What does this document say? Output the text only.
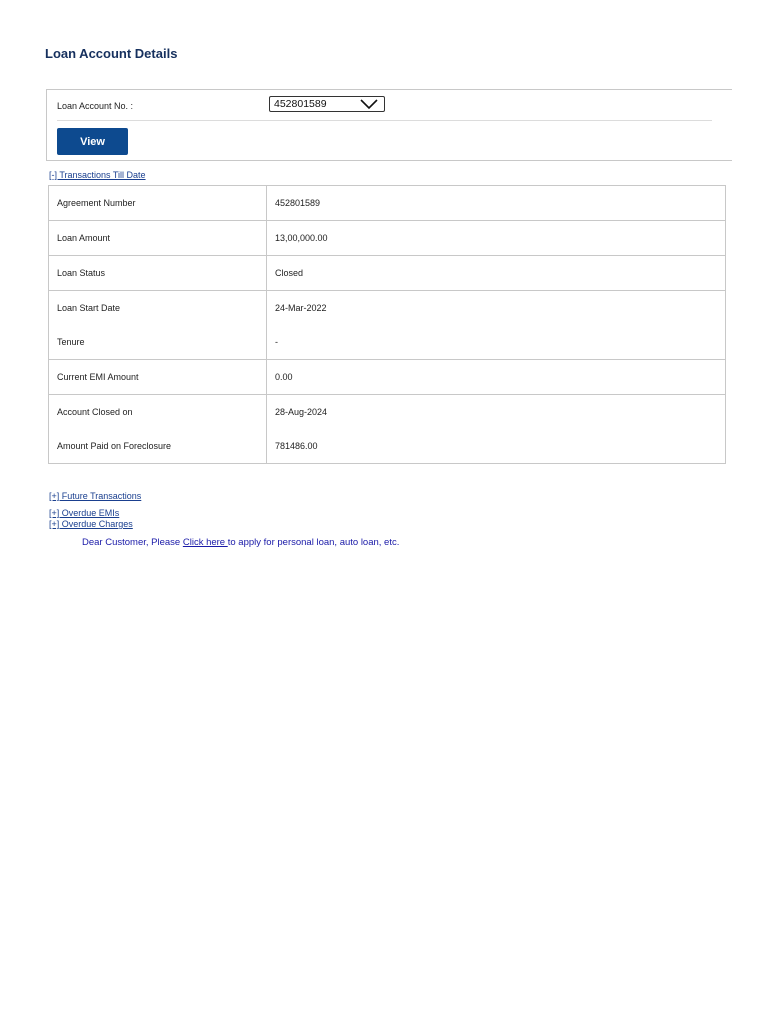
Loan Account Details
Loan Account No. :	452801589
View
[-] Transactions Till Date
Agreement Number	452801589
Loan Amount	13,00,000.00
Loan Status	Closed
Loan Start Date	24-Mar-2022
Tenure	-
Current EMI Amount	0.00
Account Closed on	28-Aug-2024
Amount Paid on Foreclosure	781486.00
[+] Future Transactions
[+] Overdue EMIs
[+] Overdue Charges
Dear Customer, Please Click here to apply for personal loan, auto loan, etc.
